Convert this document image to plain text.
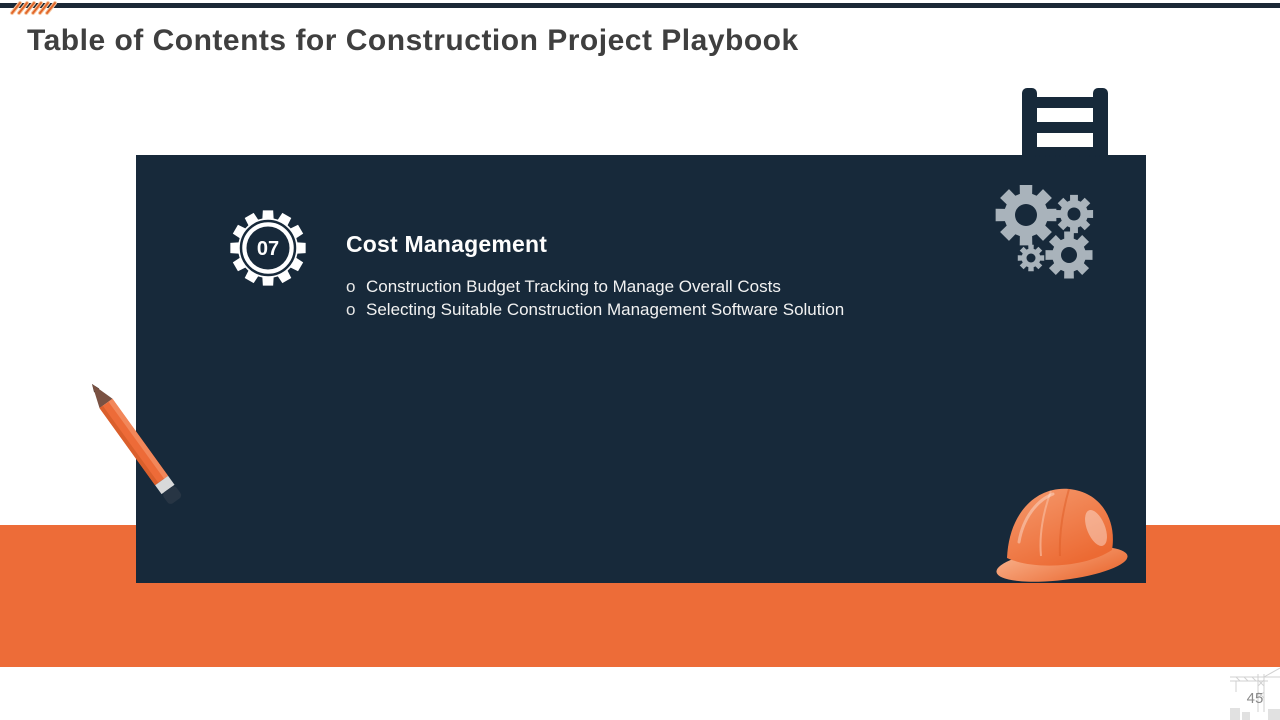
Table of Contents for Construction Project Playbook
07	Cost Management
o Construction Budget Tracking to Manage Overall Costs
o Selecting Suitable Construction Management Software Solution
45
